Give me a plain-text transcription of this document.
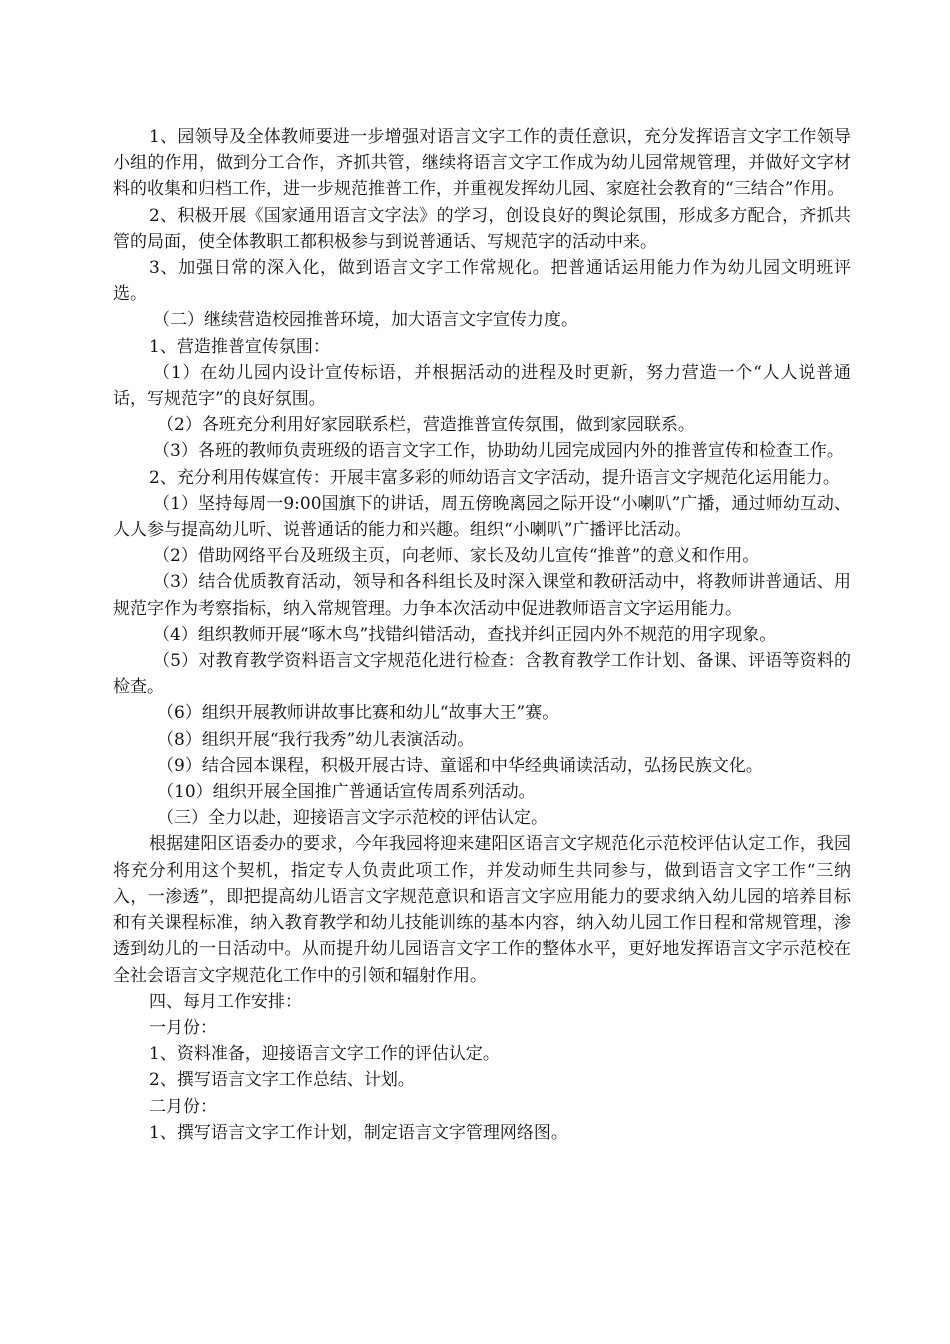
1、园领导及全体教师要进一步增强对语言文字工作的责任意识，充分发挥语言文字工作领导小组的作用，做到分工合作，齐抓共管，继续将语言文字工作成为幼儿园常规管理，并做好文字材料的收集和归档工作，进一步规范推普工作，并重视发挥幼儿园、家庭社会教育的“三结合”作用。

2、积极开展《国家通用语言文字法》的学习，创设良好的舆论氛围，形成多方配合，齐抓共管的局面，使全体教职工都积极参与到说普通话、写规范字的活动中来。

3、加强日常的深入化，做到语言文字工作常规化。把普通话运用能力作为幼儿园文明班评选。

（二）继续营造校园推普环境，加大语言文字宣传力度。

1、营造推普宣传氛围：

（1）在幼儿园内设计宣传标语，并根据活动的进程及时更新，努力营造一个“人人说普通话，写规范字”的良好氛围。

（2）各班充分利用好家园联系栏，营造推普宣传氛围，做到家园联系。

（3）各班的教师负责班级的语言文字工作，协助幼儿园完成园内外的推普宣传和检查工作。

2、充分利用传媒宣传：开展丰富多彩的师幼语言文字活动，提升语言文字规范化运用能力。

（1）坚持每周一9:00国旗下的讲话，周五傍晚离园之际开设“小喇叭”广播，通过师幼互动、人人参与提高幼儿听、说普通话的能力和兴趣。组织“小喇叭”广播评比活动。

（2）借助网络平台及班级主页，向老师、家长及幼儿宣传“推普”的意义和作用。

（3）结合优质教育活动，领导和各科组长及时深入课堂和教研活动中，将教师讲普通话、用规范字作为考察指标，纳入常规管理。力争本次活动中促进教师语言文字运用能力。

（4）组织教师开展“啄木鸟”找错纠错活动，查找并纠正园内外不规范的用字现象。

（5）对教育教学资料语言文字规范化进行检查：含教育教学工作计划、备课、评语等资料的检查。

（6）组织开展教师讲故事比赛和幼儿“故事大王”赛。

（8）组织开展“我行我秀”幼儿表演活动。

（9）结合园本课程，积极开展古诗、童谣和中华经典诵读活动，弘扬民族文化。

（10）组织开展全国推广普通话宣传周系列活动。

（三）全力以赴，迎接语言文字示范校的评估认定。

根据建阳区语委办的要求，今年我园将迎来建阳区语言文字规范化示范校评估认定工作，我园将充分利用这个契机，指定专人负责此项工作，并发动师生共同参与，做到语言文字工作“三纳入，一渗透”，即把提高幼儿语言文字规范意识和语言文字应用能力的要求纳入幼儿园的培养目标和有关课程标准，纳入教育教学和幼儿技能训练的基本内容，纳入幼儿园工作日程和常规管理，渗透到幼儿的一日活动中。从而提升幼儿园语言文字工作的整体水平，更好地发挥语言文字示范校在全社会语言文字规范化工作中的引领和辐射作用。

四、每月工作安排：

一月份：

1、资料准备，迎接语言文字工作的评估认定。

2、撰写语言文字工作总结、计划。

二月份：

1、撰写语言文字工作计划，制定语言文字管理网络图。
